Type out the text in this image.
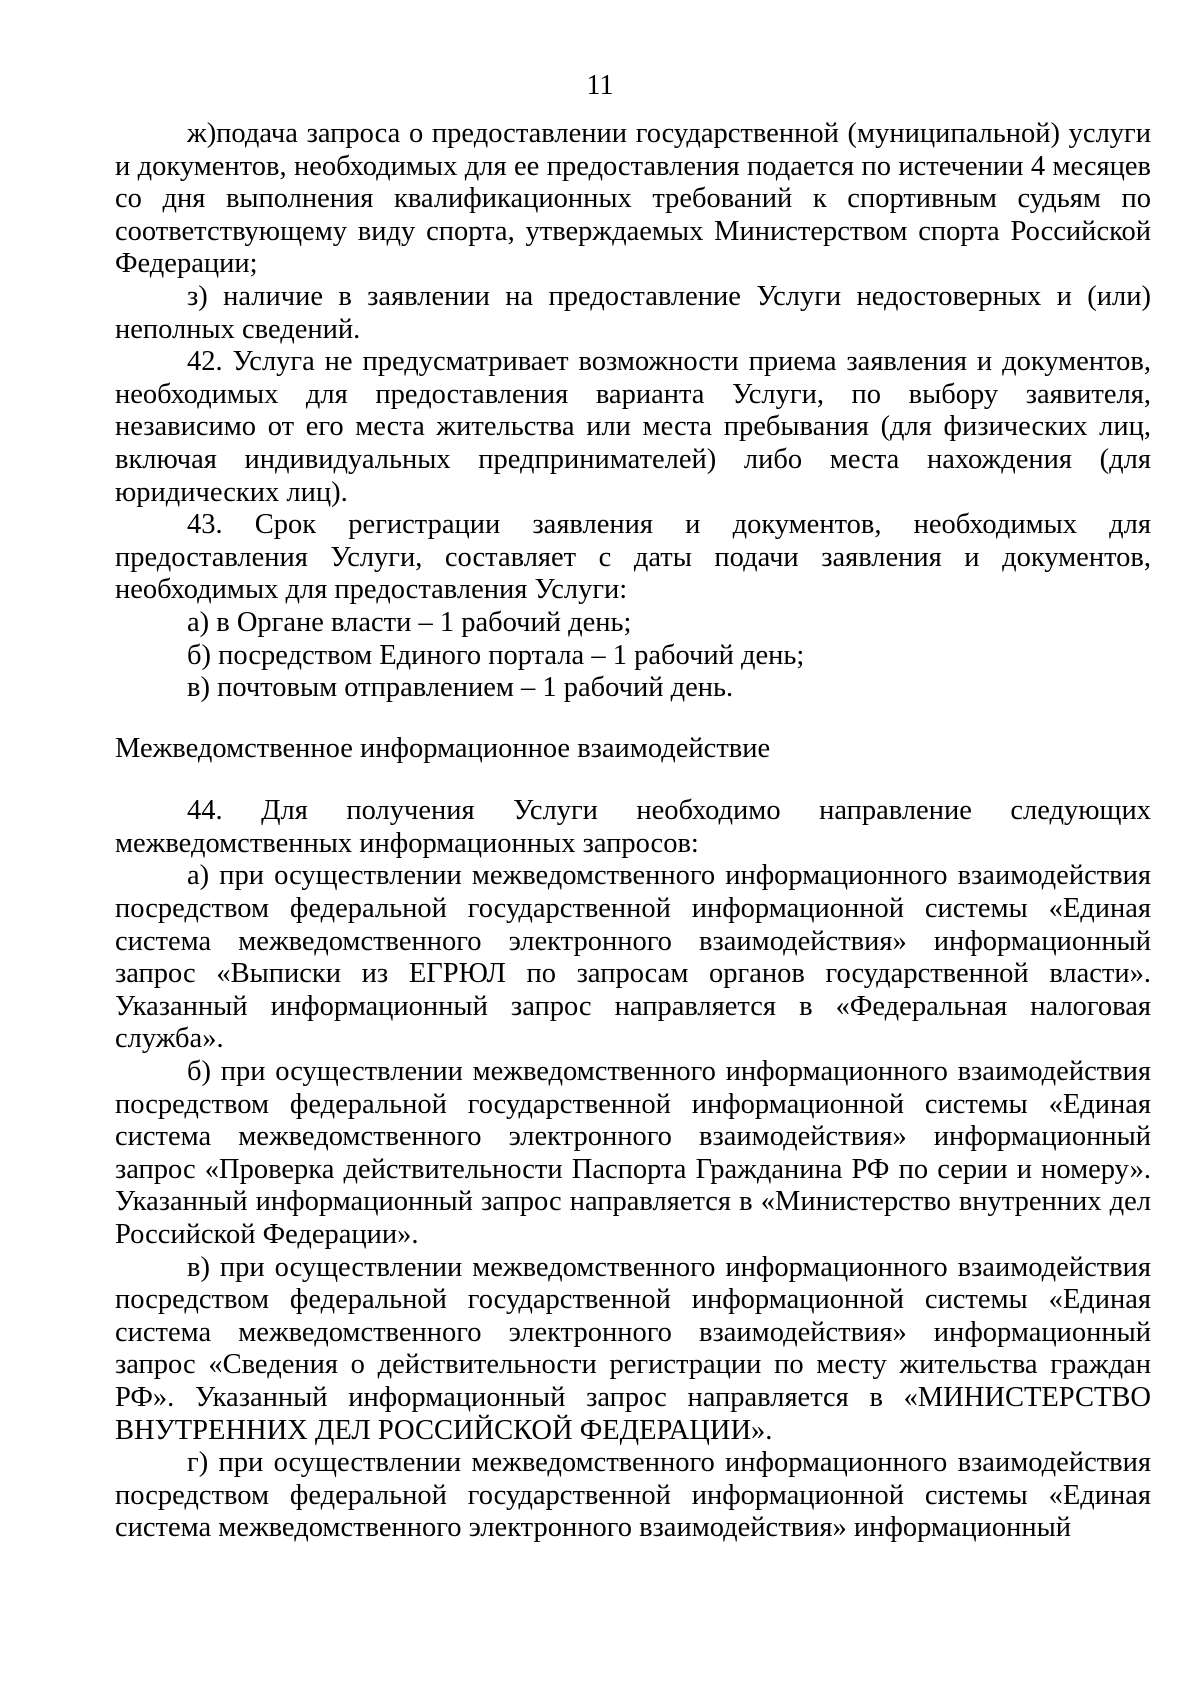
11

ж)подача запроса о предоставлении государственной (муниципальной) услуги и документов, необходимых для ее предоставления подается по истечении 4 месяцев со дня выполнения квалификационных требований к спортивным судьям по соответствующему виду спорта, утверждаемых Министерством спорта Российской Федерации;

з) наличие в заявлении на предоставление Услуги недостоверных и (или) неполных сведений.

42. Услуга не предусматривает возможности приема заявления и документов, необходимых для предоставления варианта Услуги, по выбору заявителя, независимо от его места жительства или места пребывания (для физических лиц, включая индивидуальных предпринимателей) либо места нахождения (для юридических лиц).

43. Срок регистрации заявления и документов, необходимых для предоставления Услуги, составляет с даты подачи заявления и документов, необходимых для предоставления Услуги:

а) в Органе власти – 1 рабочий день;

б) посредством Единого портала – 1 рабочий день;

в) почтовым отправлением – 1 рабочий день.

Межведомственное информационное взаимодействие

44. Для получения Услуги необходимо направление следующих межведомственных информационных запросов:

а) при осуществлении межведомственного информационного взаимодействия посредством федеральной государственной информационной системы «Единая система межведомственного электронного взаимодействия» информационный запрос «Выписки из ЕГРЮЛ по запросам органов государственной власти». Указанный информационный запрос направляется в «Федеральная налоговая служба».

б) при осуществлении межведомственного информационного взаимодействия посредством федеральной государственной информационной системы «Единая система межведомственного электронного взаимодействия» информационный запрос «Проверка действительности Паспорта Гражданина РФ по серии и номеру». Указанный информационный запрос направляется в «Министерство внутренних дел Российской Федерации».

в) при осуществлении межведомственного информационного взаимодействия посредством федеральной государственной информационной системы «Единая система межведомственного электронного взаимодействия» информационный запрос «Сведения о действительности регистрации по месту жительства граждан РФ». Указанный информационный запрос направляется в «МИНИСТЕРСТВО ВНУТРЕННИХ ДЕЛ РОССИЙСКОЙ ФЕДЕРАЦИИ».

г) при осуществлении межведомственного информационного взаимодействия посредством федеральной государственной информационной системы «Единая система межведомственного электронного взаимодействия» информационный
